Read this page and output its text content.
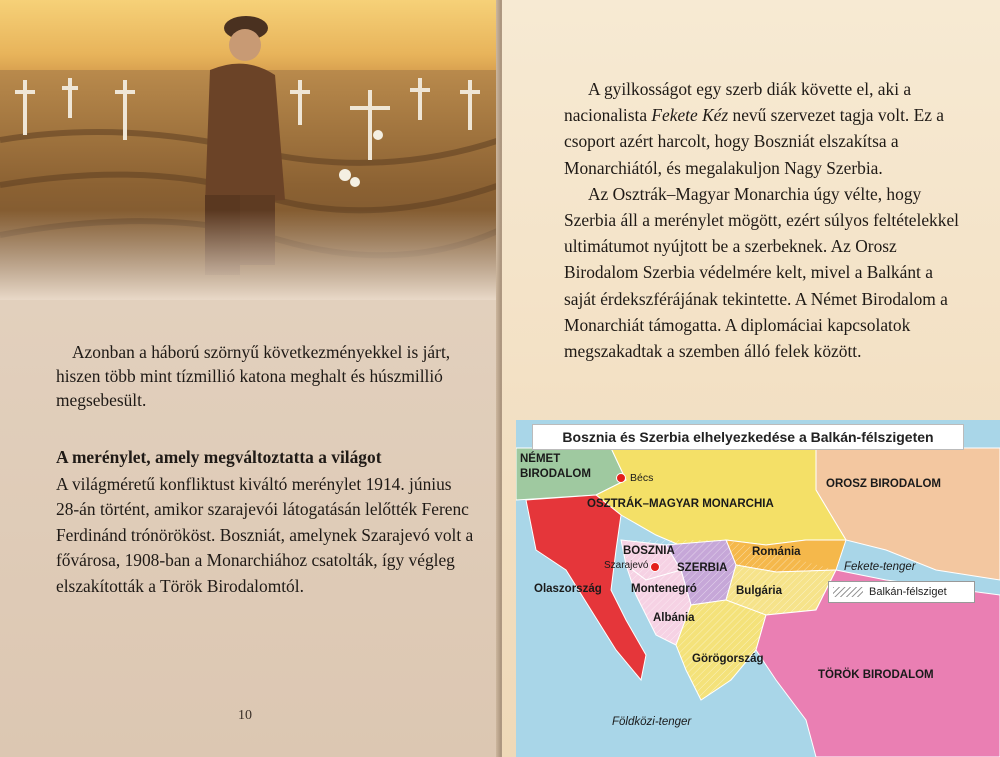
Azonban a háború szörnyű következményekkel is járt, hiszen több mint tízmillió katona meghalt és húszmillió megsebesült.
A merénylet, amely megváltoztatta a világot
A világméretű konfliktust kiváltó merénylet 1914. június 28-án történt, amikor szarajevói látogatásán lelőtték Ferenc Ferdinánd trónörököst. Boszniát, amelynek Szarajevó volt a fővárosa, 1908-ban a Monarchiához csatolták, így végleg elszakították a Török Birodalomtól.
10

A gyilkosságot egy szerb diák követte el, aki a nacionalista Fekete Kéz nevű szervezet tagja volt. Ez a csoport azért harcolt, hogy Boszniát elszakítsa a Monarchiától, és megalakuljon Nagy Szerbia.

Az Osztrák–Magyar Monarchia úgy vélte, hogy Szerbia áll a merénylet mögött, ezért súlyos feltételekkel ultimátumot nyújtott be a szerbeknek. Az Orosz Birodalom Szerbia védelmére kelt, mivel a Balkánt a saját érdekszférájának tekintette. A Német Birodalom a Monarchiát támogatta. A diplomáciai kapcsolatok megszakadtak a szemben álló felek között.

Bosznia és Szerbia elhelyezkedése a Balkán-félszigeten
NÉMET
BIRODALOM	Bécs
OSZTRÁK–MAGYAR MONARCHIA
OROSZ BIRODALOM
BOSZNIA
Szarajevó SZERBIA
Románia
Fekete-tenger
Olaszország	Montenegró	Bulgária
Albánia
Görögország
TÖRÖK BIRODALOM
Földközi-tenger
Balkán-félsziget
